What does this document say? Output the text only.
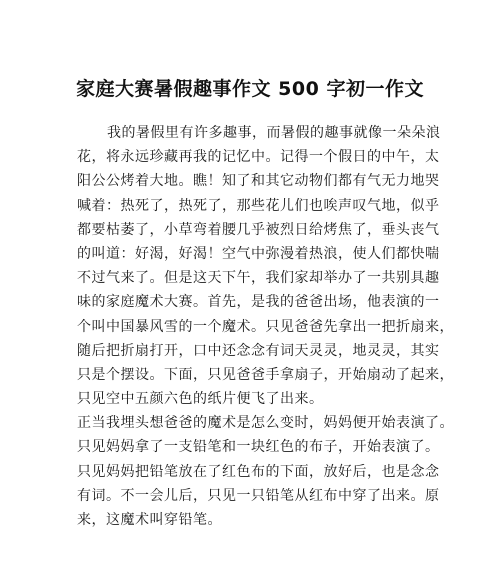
家庭大赛暑假趣事作文 500 字初一作文
我的暑假里有许多趣事，而暑假的趣事就像一朵朵浪
花，将永远珍藏再我的记忆中。记得一个假日的中午，太
阳公公烤着大地。瞧！知了和其它动物们都有气无力地哭
喊着：热死了，热死了，那些花儿们也唉声叹气地，似乎
都要枯萎了，小草弯着腰几乎被烈日给烤焦了，垂头丧气
的叫道：好渴，好渴！空气中弥漫着热浪，使人们都快喘
不过气来了。但是这天下午，我们家却举办了一共别具趣
味的家庭魔术大赛。首先，是我的爸爸出场，他表演的一
个叫中国暴风雪的一个魔术。只见爸爸先拿出一把折扇来，
随后把折扇打开，口中还念念有词天灵灵，地灵灵，其实
只是个摆设。下面，只见爸爸手拿扇子，开始扇动了起来，
只见空中五颜六色的纸片便飞了出来。
正当我埋头想爸爸的魔术是怎么变时，妈妈便开始表演了。
只见妈妈拿了一支铅笔和一块红色的布子，开始表演了。
只见妈妈把铅笔放在了红色布的下面，放好后，也是念念
有词。不一会儿后，只见一只铅笔从红布中穿了出来。原
来，这魔术叫穿铅笔。
